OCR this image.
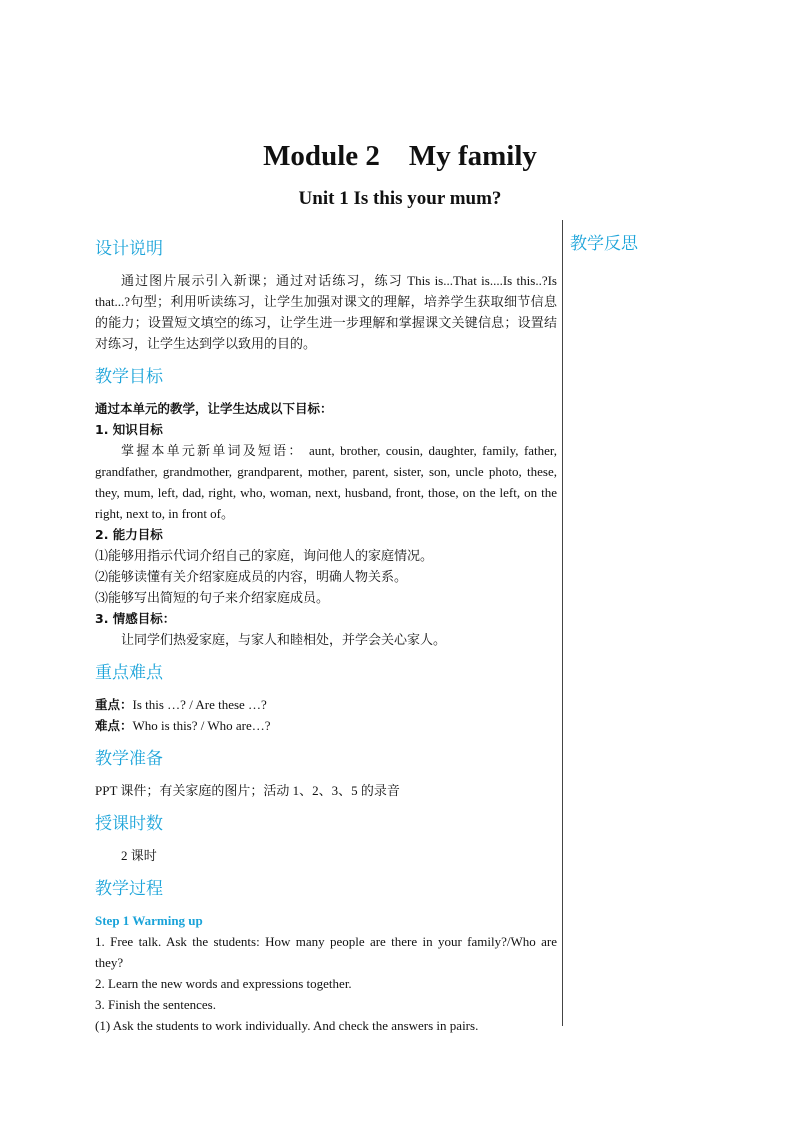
Module 2    My family
Unit 1 Is this your mum?
教学反思
设计说明
通过图片展示引入新课；通过对话练习，练习 This is...That is....Is this..?Is that...?句型；利用听读练习，让学生加强对课文的理解，培养学生获取细节信息的能力；设置短文填空的练习，让学生进一步理解和掌握课文关键信息；设置结对练习，让学生达到学以致用的目的。
教学目标
通过本单元的教学，让学生达成以下目标：
1. 知识目标
掌握本单元新单词及短语： aunt, brother, cousin, daughter, family, father, grandfather, grandmother, grandparent, mother, parent, sister, son, uncle photo, these, they, mum, left, dad, right, who, woman, next, husband, front, those, on the left, on the right, next to, in front of。
2. 能力目标
⑴能够用指示代词介绍自己的家庭，询问他人的家庭情况。
⑵能够读懂有关介绍家庭成员的内容，明确人物关系。
⑶能够写出简短的句子来介绍家庭成员。
3. 情感目标：
让同学们热爱家庭，与家人和睦相处，并学会关心家人。
重点难点
重点：Is this …? / Are these …?
难点：Who is this? / Who are…?
教学准备
PPT 课件；有关家庭的图片；活动 1、2、3、5 的录音
授课时数
2 课时
教学过程
Step 1 Warming up
1. Free talk. Ask the students: How many people are there in your family?/Who are they?
2. Learn the new words and expressions together.
3. Finish the sentences.
(1) Ask the students to work individually. And check the answers in pairs.
